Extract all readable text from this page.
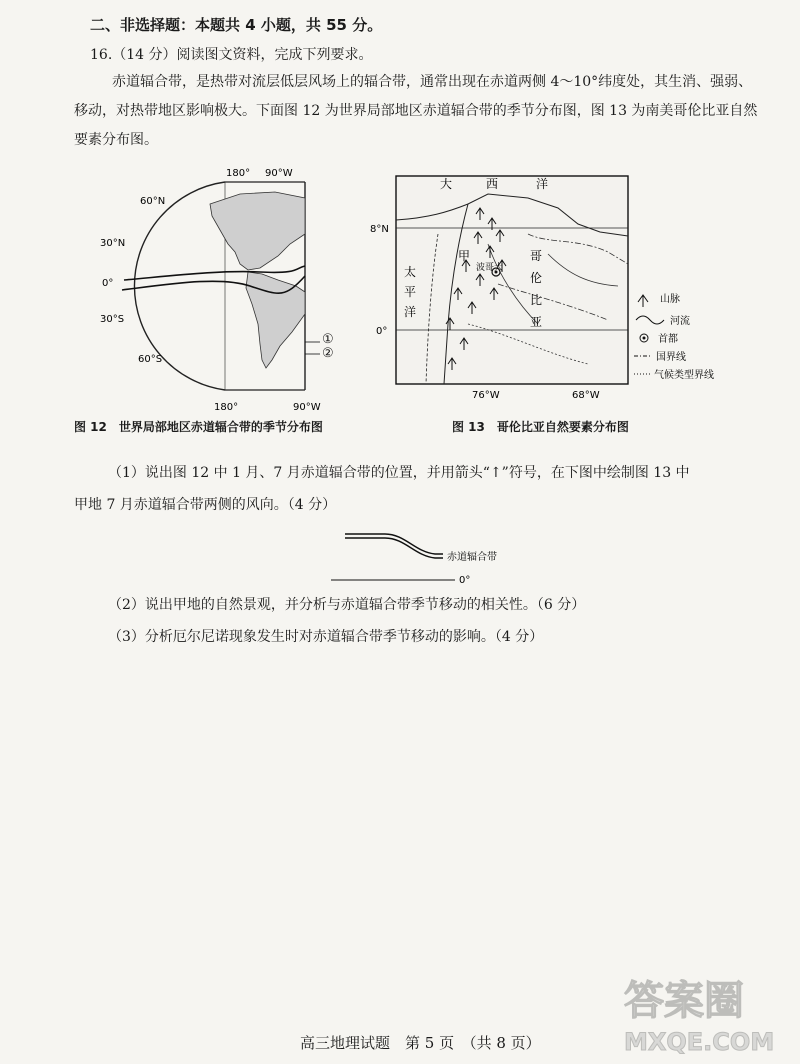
二、非选择题：本题共 4 小题，共 55 分。
16.（14 分）阅读图文资料，完成下列要求。
赤道辐合带，是热带对流层低层风场上的辐合带，通常出现在赤道两侧 4～10°纬度处，其生消、强弱、移动，对热带地区影响极大。下面图 12 为世界局部地区赤道辐合带的季节分布图，图 13 为南美哥伦比亚自然要素分布图。
180° 90°W
60°N
30°N
0°
30°S
60°S
90°W
180°
①
②
8°N
0°
波哥大
大	西	洋
太
平
洋
甲	哥
伦
比
亚
76°W	68°W
山脉
河流
首都
国界线
气候类型界线
图 12　世界局部地区赤道辐合带的季节分布图	图 13　哥伦比亚自然要素分布图
（1）说出图 12 中 1 月、7 月赤道辐合带的位置，并用箭头“↑”符号，在下图中绘制图 13 中
甲地 7 月赤道辐合带两侧的风向。（4 分）
赤道辐合带
0°
（2）说出甲地的自然景观，并分析与赤道辐合带季节移动的相关性。（6 分）
（3）分析厄尔尼诺现象发生时对赤道辐合带季节移动的影响。（4 分）
答案圈
MXQE.COM
高三地理试题　第 5 页　（共 8 页）
